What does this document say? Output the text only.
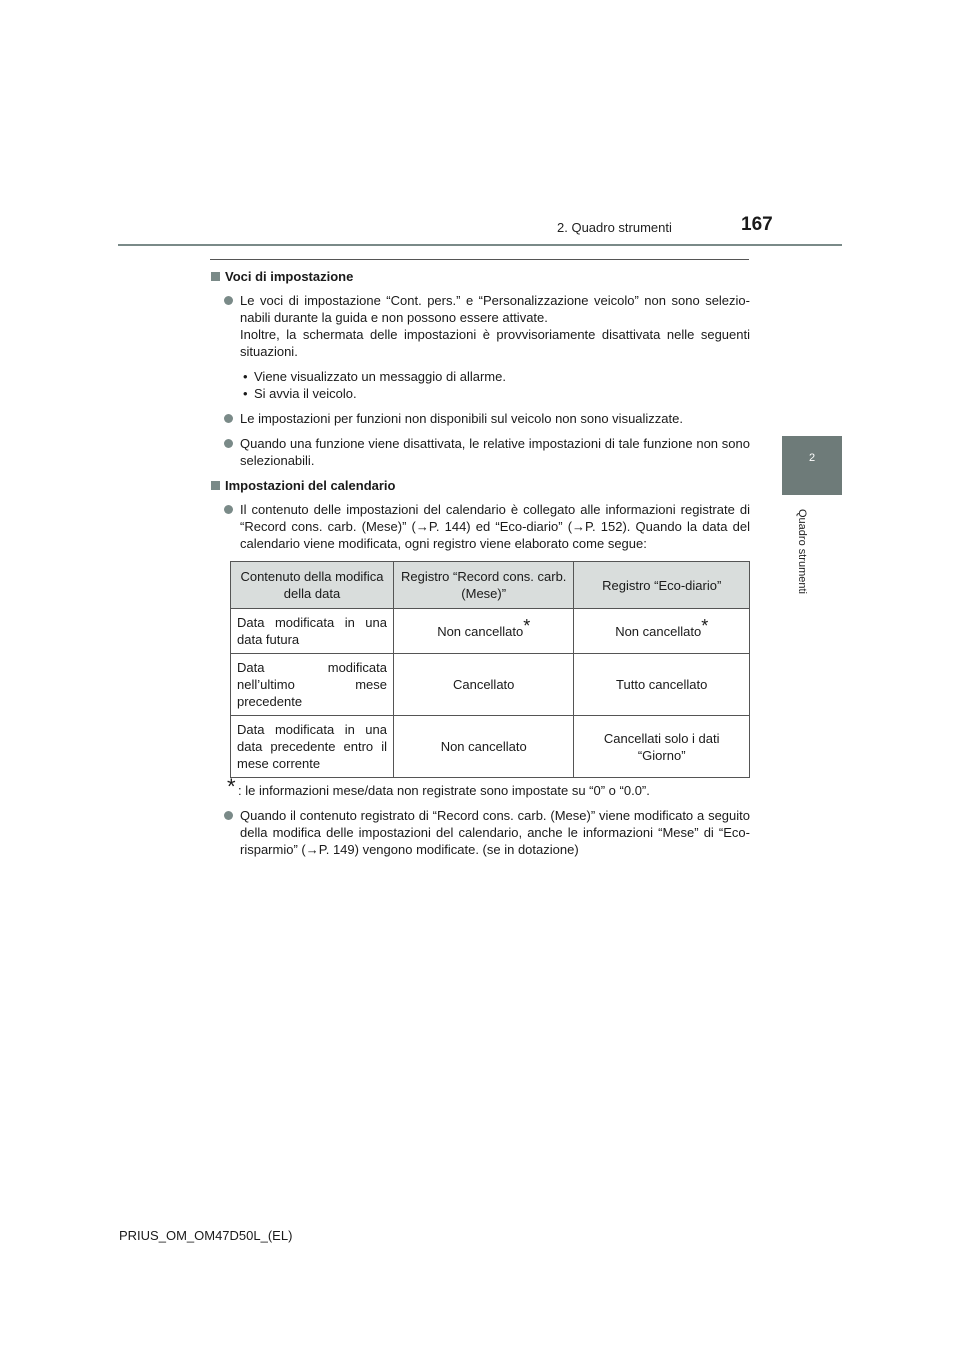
2. Quadro strumenti	167
2
Quadro strumenti
Voci di impostazione
Le voci di impostazione “Cont. pers.” e “Personalizzazione veicolo” non sono selezio-nabili durante la guida e non possono essere attivate.
Inoltre, la schermata delle impostazioni è provvisoriamente disattivata nelle seguenti situazioni.
• Viene visualizzato un messaggio di allarme.
• Si avvia il veicolo.
Le impostazioni per funzioni non disponibili sul veicolo non sono visualizzate.
Quando una funzione viene disattivata, le relative impostazioni di tale funzione non sono selezionabili.
Impostazioni del calendario
Il contenuto delle impostazioni del calendario è collegato alle informazioni registrate di “Record cons. carb. (Mese)” (→P. 144) ed “Eco-diario” (→P. 152). Quando la data del calendario viene modificata, ogni registro viene elaborato come segue:
Contenuto della modifica della data	Registro “Record cons. carb. (Mese)”	Registro “Eco-diario”
Data modificata in una data futura	Non cancellato*	Non cancellato*
Data modificata nell’ultimo mese precedente	Cancellato	Tutto cancellato
Data modificata in una data precedente entro il mese corrente	Non cancellato	Cancellati solo i dati “Giorno”
* : le informazioni mese/data non registrate sono impostate su “0” o “0.0”.
Quando il contenuto registrato di “Record cons. carb. (Mese)” viene modificato a seguito della modifica delle impostazioni del calendario, anche le informazioni “Mese” di “Eco-risparmio” (→P. 149) vengono modificate. (se in dotazione)
PRIUS_OM_OM47D50L_(EL)
